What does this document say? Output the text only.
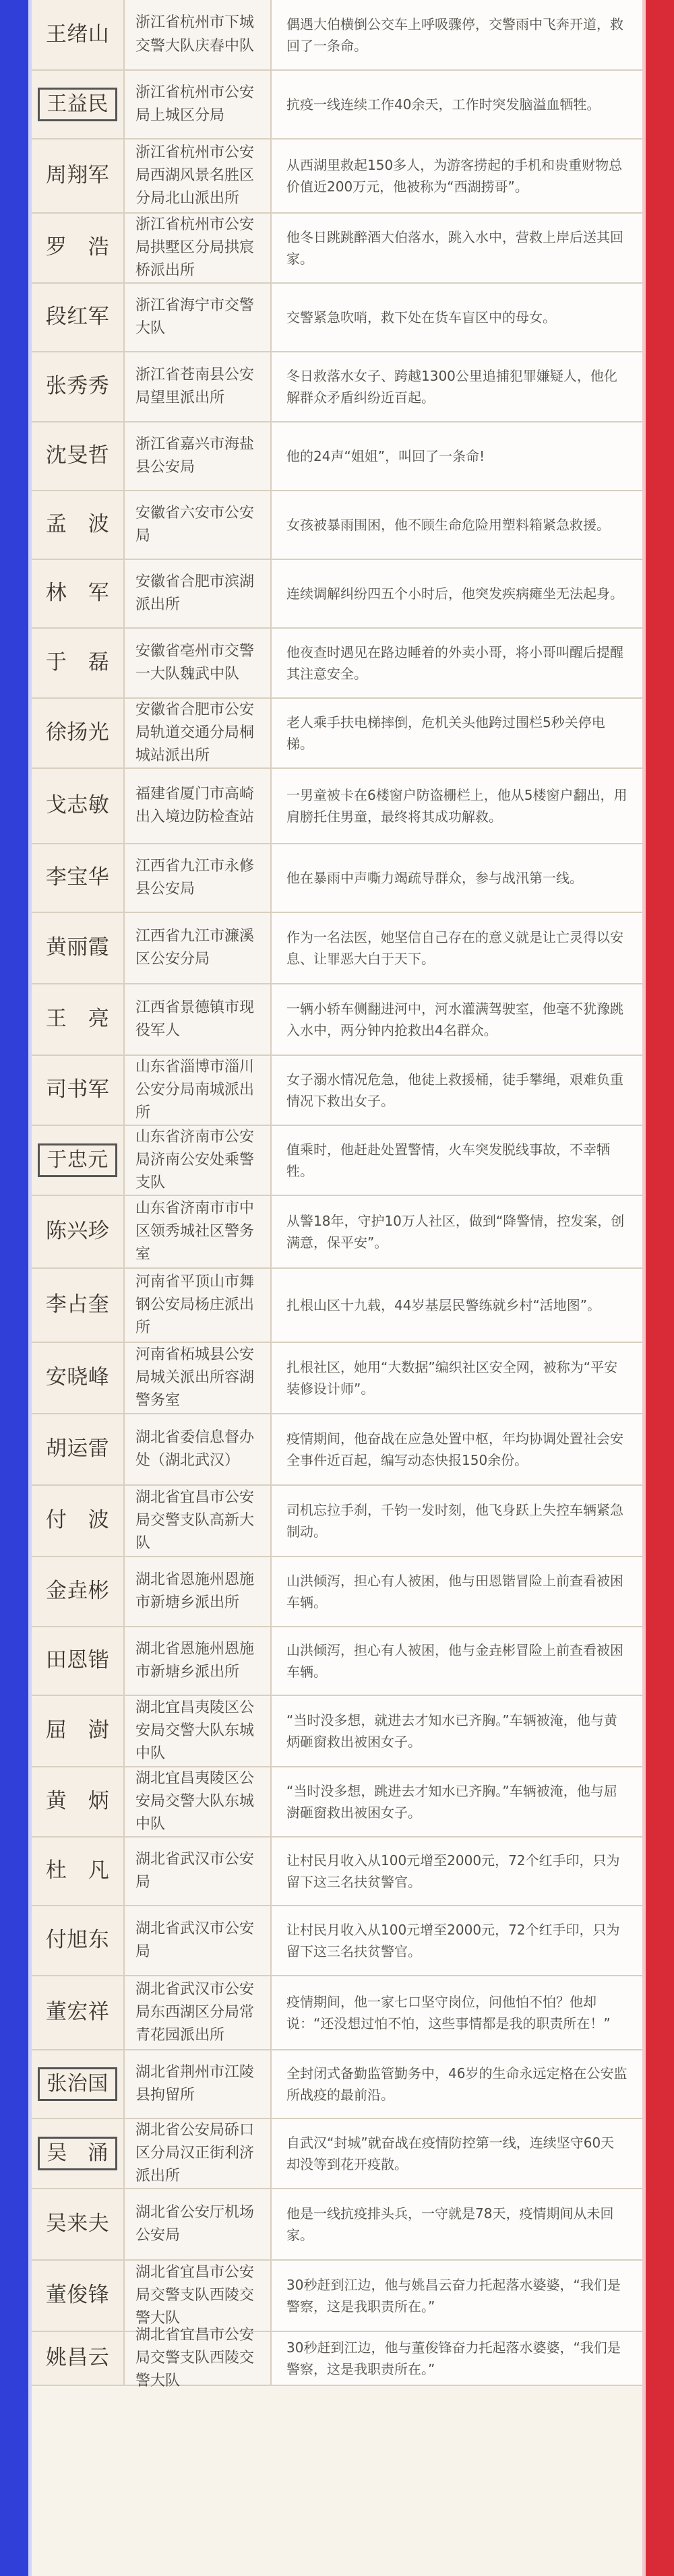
王绪山 浙江省杭州市下城交警大队庆春中队
偶遇大伯横倒公交车上呼吸骤停，交警雨中飞奔开道，救回了一条命。
王益民	浙江省杭州市公安局上城区分局
抗疫一线连续工作40余天，工作时突发脑溢血牺牲。
周翔军
浙江省杭州市公安局西湖风景名胜区分局北山派出所
从西湖里救起150多人，为游客捞起的手机和贵重财物总价值近200万元，他被称为“西湖捞哥”。
罗　浩
浙江省杭州市公安局拱墅区分局拱宸桥派出所
他冬日跳跳醉酒大伯落水，跳入水中，营救上岸后送其回家。
段红军 浙江省海宁市交警大队
交警紧急吹哨，救下处在货车盲区中的母女。
张秀秀 浙江省苍南县公安局望里派出所
冬日救落水女子、跨越1300公里追捕犯罪嫌疑人，他化解群众矛盾纠纷近百起。
沈旻哲 浙江省嘉兴市海盐县公安局
他的24声“姐姐”，叫回了一条命!
孟　波 安徽省六安市公安局
女孩被暴雨围困，他不顾生命危险用塑料箱紧急救援。
林　军 安徽省合肥市滨湖派出所
连续调解纠纷四五个小时后，他突发疾病瘫坐无法起身。
于　磊 安徽省亳州市交警一大队魏武中队
他夜查时遇见在路边睡着的外卖小哥，将小哥叫醒后提醒其注意安全。
徐扬光
安徽省合肥市公安局轨道交通分局桐城站派出所
老人乘手扶电梯摔倒，危机关头他跨过围栏5秒关停电梯。
戈志敏 福建省厦门市高崎出入境边防检查站
一男童被卡在6楼窗户防盗栅栏上，他从5楼窗户翻出，用肩膀托住男童，最终将其成功解救。
李宝华 江西省九江市永修县公安局
他在暴雨中声嘶力竭疏导群众，参与战汛第一线。
黄丽霞 江西省九江市濂溪区公安分局
作为一名法医，她坚信自己存在的意义就是让亡灵得以安息、让罪恶大白于天下。
王　亮 江西省景德镇市现役军人
一辆小轿车侧翻进河中，河水灌满驾驶室，他毫不犹豫跳入水中，两分钟内抢救出4名群众。
司书军
山东省淄博市淄川公安分局南城派出所
女子溺水情况危急，他徒上救援桶，徒手攀绳，艰难负重情况下救出女子。
于忠元
山东省济南市公安局济南公安处乘警支队
值乘时，他赶赴处置警情，火车突发脱线事故，不幸牺牲。
陈兴珍
山东省济南市市中区领秀城社区警务室
从警18年，守护10万人社区，做到“降警情，控发案，创满意，保平安”。
李占奎
河南省平顶山市舞钢公安局杨庄派出所
扎根山区十九载，44岁基层民警练就乡村“活地图”。
安晓峰
河南省柘城县公安局城关派出所容湖警务室
扎根社区，她用“大数据”编织社区安全网，被称为“平安装修设计师”。
胡运雷 湖北省委信息督办处（湖北武汉）
疫情期间，他奋战在应急处置中枢，年均协调处置社会安全事件近百起，编写动态快报150余份。
付　波
湖北省宜昌市公安局交警支队高新大队
司机忘拉手刹，千钧一发时刻，他飞身跃上失控车辆紧急制动。
金垚彬 湖北省恩施州恩施市新塘乡派出所
山洪倾泻，担心有人被困，他与田恩锴冒险上前查看被困车辆。
田恩锴 湖北省恩施州恩施市新塘乡派出所
山洪倾泻，担心有人被困，他与金垚彬冒险上前查看被困车辆。
屈　澍
湖北宜昌夷陵区公安局交警大队东城中队
“当时没多想，就进去才知水已齐胸。”车辆被淹，他与黄炳砸窗救出被困女子。
黄　炳
湖北宜昌夷陵区公安局交警大队东城中队
“当时没多想，跳进去才知水已齐胸。”车辆被淹，他与屈澍砸窗救出被困女子。
杜　凡 湖北省武汉市公安局
让村民月收入从100元增至2000元，72个红手印，只为留下这三名扶贫警官。
付旭东 湖北省武汉市公安局
让村民月收入从100元增至2000元，72个红手印，只为留下这三名扶贫警官。
董宏祥
湖北省武汉市公安局东西湖区分局常青花园派出所
疫情期间，他一家七口坚守岗位，问他怕不怕？他却说：“还没想过怕不怕，这些事情都是我的职责所在！”
张治国	湖北省荆州市江陵县拘留所
全封闭式备勤监管勤务中，46岁的生命永远定格在公安监所战疫的最前沿。
吴　涌
湖北省公安局硚口区分局汉正街利济派出所
自武汉“封城”就奋战在疫情防控第一线，连续坚守60天却没等到花开疫散。
吴来夫 湖北省公安厅机场公安局
他是一线抗疫排头兵，一守就是78天，疫情期间从未回家。
董俊锋
湖北省宜昌市公安局交警支队西陵交警大队
30秒赶到江边，他与姚昌云奋力托起落水婆婆，“我们是警察，这是我职责所在。”
姚昌云
湖北省宜昌市公安局交警支队西陵交警大队
30秒赶到江边，他与董俊锋奋力托起落水婆婆，“我们是警察，这是我职责所在。”
